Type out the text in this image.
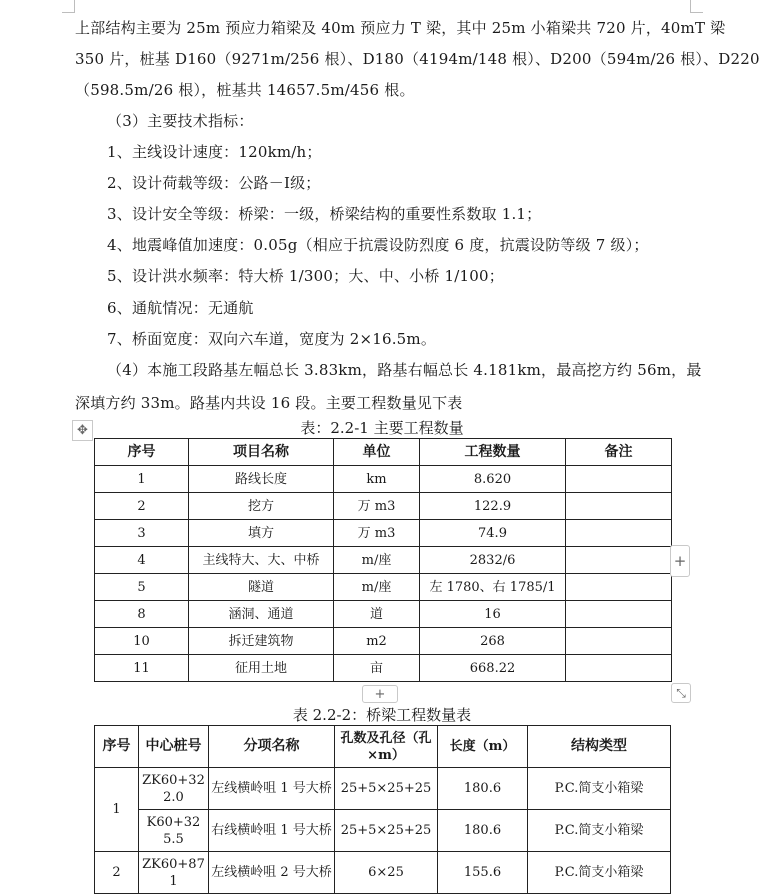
上部结构主要为 25m 预应力箱梁及 40m 预应力 T 梁，其中 25m 小箱梁共 720 片，40mT 梁
350 片，桩基 D160（9271m/256 根）、D180（4194m/148 根）、D200（594m/26 根）、D220
（598.5m/26 根），桩基共 14657.5m/456 根。
（3）主要技术指标：
1、主线设计速度：120km/h；
2、设计荷载等级：公路－Ⅰ级；
3、设计安全等级：桥梁：一级，桥梁结构的重要性系数取 1.1；
4、地震峰值加速度：0.05g（相应于抗震设防烈度 6 度，抗震设防等级 7 级）；
5、设计洪水频率：特大桥 1/300；大、中、小桥 1/100；
6、通航情况：无通航
7、桥面宽度：双向六车道，宽度为 2×16.5m。
（4）本施工段路基左幅总长 3.83km，路基右幅总长 4.181km，最高挖方约 56m，最
深填方约 33m。路基内共设 16 段。主要工程数量见下表
✥	表：2.2-1 主要工程数量
序号	项目名称	单位	工程数量	备注
1	路线长度	km	8.620	
2	挖方	万 m3	122.9	
3	填方	万 m3	74.9	
4	主线特大、大、中桥	m/座	2832/6	
5	隧道	m/座	左 1780、右 1785/1	
8	涵洞、通道	道	16	
10	拆迁建筑物	m2	268	
11	征用土地	亩	668.22	
+
+	⤡
表 2.2-2：桥梁工程数量表
序号	中心桩号	分项名称	孔数及孔径（孔×m）	长度（m）	结构类型
1	ZK60+322.0	左线横岭咀 1 号大桥	25+5×25+25	180.6	P.C.简支小箱梁
	K60+325.5	右线横岭咀 1 号大桥	25+5×25+25	180.6	P.C.简支小箱梁
2	ZK60+871	左线横岭咀 2 号大桥	6×25	155.6	P.C.简支小箱梁
